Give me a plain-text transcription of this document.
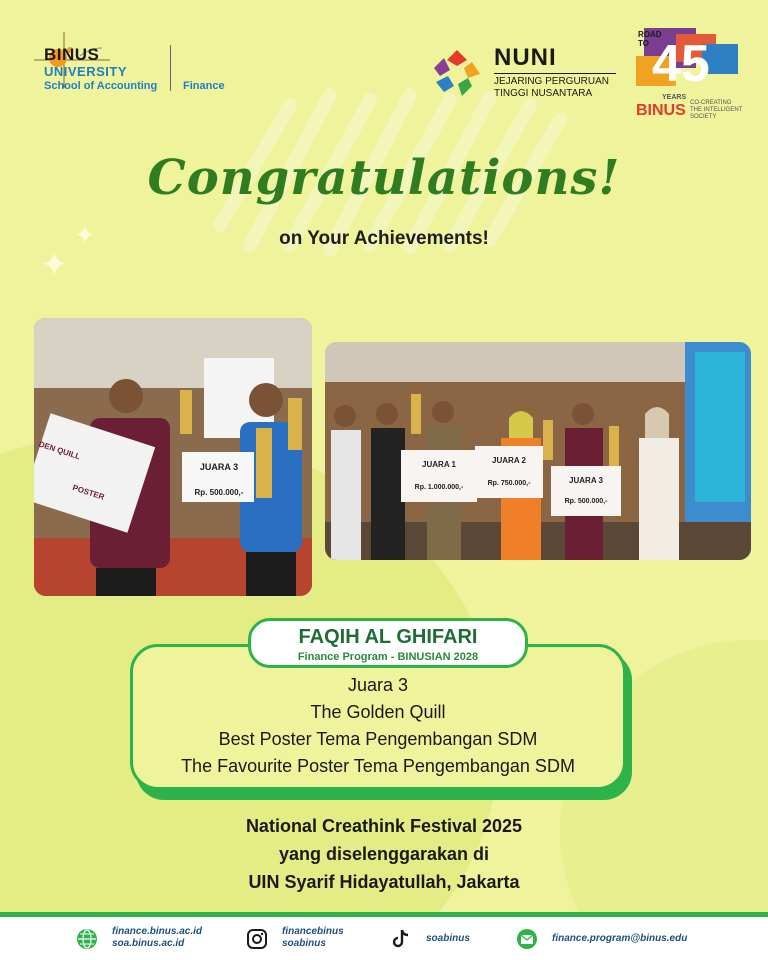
BINUS
UNIVERSITY
School of Accounting Finance
NUNI
JEJARING PERGURUAN
TINGGI NUSANTARA
ROAD
TO 45
YEARS
BINUS CO-CREATING
THE INTELLIGENT
SOCIETY
✦
✦
Congratulations!
on Your Achievements!
JUARA 3
Rp. 500.000,-
DEN QUILL
POSTER
JUARA 1
Rp. 1.000.000,-
JUARA 2
Rp. 750.000,-	JUARA 3
Rp. 500.000,-
Juara 3
The Golden Quill
Best Poster Tema Pengembangan SDM
The Favourite Poster Tema Pengembangan SDM
FAQIH AL GHIFARI
Finance Program - BINUSIAN 2028
National Creathink Festival 2025
yang diselenggarakan di
UIN Syarif Hidayatullah, Jakarta
finance.binus.ac.id
soa.binus.ac.id
financebinus
soabinus	soabinus	finance.program@binus.edu
